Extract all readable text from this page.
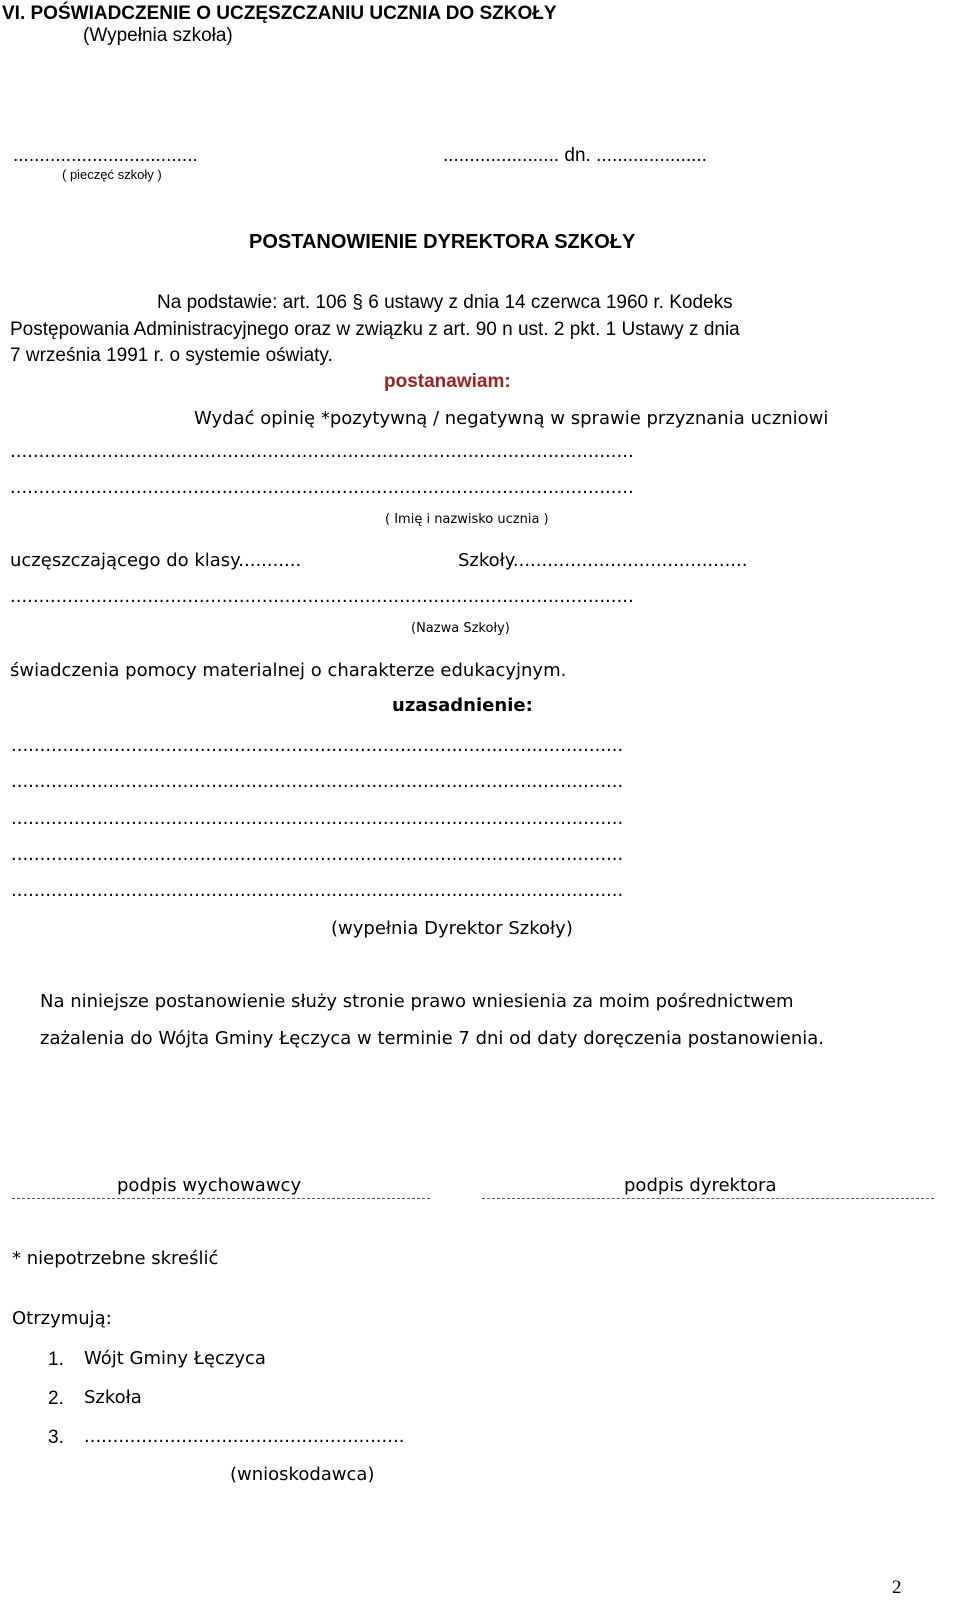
VI. POŚWIADCZENIE O UCZĘSZCZANIU UCZNIA DO SZKOŁY
(Wypełnia szkoła)
...................................
( pieczęć szkoły )
...................... dn. .....................
POSTANOWIENIE DYREKTORA SZKOŁY
Na podstawie: art. 106 § 6 ustawy z dnia 14 czerwca 1960 r. Kodeks
Postępowania Administracyjnego oraz w związku z art. 90 n ust. 2 pkt. 1 Ustawy z dnia
7 września 1991 r. o systemie oświaty.
postanawiam:
Wydać opinię *pozytywną / negatywną w sprawie przyznania uczniowi
.............................................................................................................
.............................................................................................................
( Imię i nazwisko ucznia )
uczęszczającego do klasy...........	Szkoły.........................................
.............................................................................................................
(Nazwa Szkoły)
świadczenia pomocy materialnej o charakterze edukacyjnym.
uzasadnienie:
...........................................................................................................
...........................................................................................................
...........................................................................................................
...........................................................................................................
...........................................................................................................
(wypełnia Dyrektor Szkoły)
Na niniejsze postanowienie służy stronie prawo wniesienia za moim pośrednictwem
zażalenia do Wójta Gminy Łęczyca w terminie 7 dni od daty doręczenia postanowienia.
podpis wychowawcy	podpis dyrektora
* niepotrzebne skreślić
Otrzymują:
1. Wójt Gminy Łęczyca
2. Szkoła
3. ........................................................
(wnioskodawca)
2
